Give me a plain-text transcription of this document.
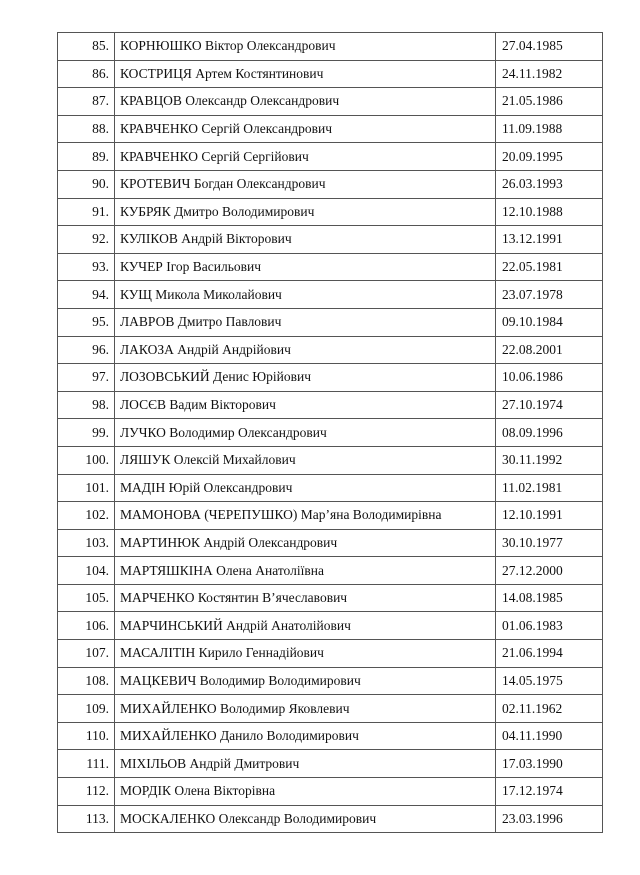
85.	КОРНЮШКО Віктор Олександрович	27.04.1985
86.	КОСТРИЦЯ Артем Костянтинович	24.11.1982
87.	КРАВЦОВ Олександр Олександрович	21.05.1986
88.	КРАВЧЕНКО Сергій Олександрович	11.09.1988
89.	КРАВЧЕНКО Сергій Сергійович	20.09.1995
90.	КРОТЕВИЧ Богдан Олександрович	26.03.1993
91.	КУБРЯК Дмитро Володимирович	12.10.1988
92.	КУЛІКОВ Андрій Вікторович	13.12.1991
93.	КУЧЕР Ігор Васильович	22.05.1981
94.	КУЩ Микола Миколайович	23.07.1978
95.	ЛАВРОВ Дмитро Павлович	09.10.1984
96.	ЛАКОЗА Андрій Андрійович	22.08.2001
97.	ЛОЗОВСЬКИЙ Денис Юрійович	10.06.1986
98.	ЛОСЄВ Вадим Вікторович	27.10.1974
99.	ЛУЧКО Володимир Олександрович	08.09.1996
100.	ЛЯШУК Олексій Михайлович	30.11.1992
101.	МАДІН Юрій Олександрович	11.02.1981
102.	МАМОНОВА (ЧЕРЕПУШКО) Мар’яна Володимирівна	12.10.1991
103.	МАРТИНЮК Андрій Олександрович	30.10.1977
104.	МАРТЯШКІНА Олена Анатоліївна	27.12.2000
105.	МАРЧЕНКО Костянтин В’ячеславович	14.08.1985
106.	МАРЧИНСЬКИЙ Андрій Анатолійович	01.06.1983
107.	МАСАЛІТІН Кирило Геннадійович	21.06.1994
108.	МАЦКЕВИЧ Володимир Володимирович	14.05.1975
109.	МИХАЙЛЕНКО Володимир Яковлевич	02.11.1962
110.	МИХАЙЛЕНКО Данило Володимирович	04.11.1990
111.	МІХІЛЬОВ Андрій Дмитрович	17.03.1990
112.	МОРДІК Олена Вікторівна	17.12.1974
113.	МОСКАЛЕНКО Олександр Володимирович	23.03.1996
